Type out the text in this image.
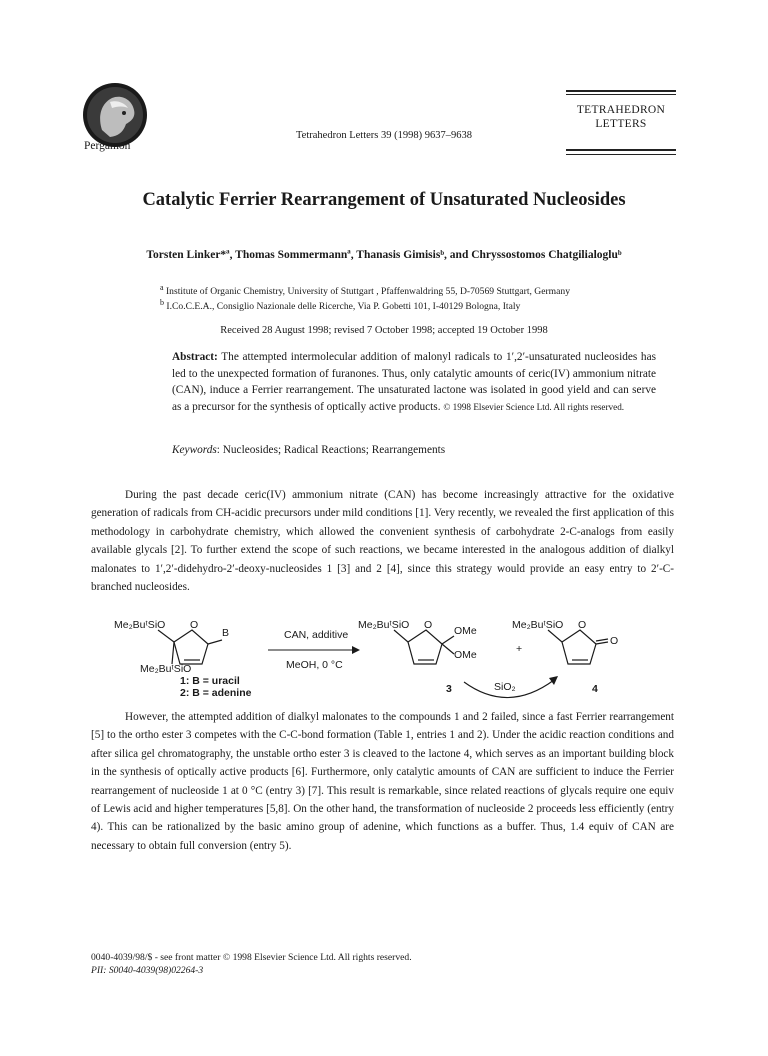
Pergamon
Tetrahedron Letters 39 (1998) 9637–9638
TETRAHEDRON
LETTERS
Catalytic Ferrier Rearrangement of Unsaturated Nucleosides
Torsten Linker*ª, Thomas Sommermannª, Thanasis Gimisisᵇ, and Chryssostomos Chatgilialogluᵇ
$^a$ Institute of Organic Chemistry, University of Stuttgart , Pfaffenwaldring 55, D-70569 Stuttgart, Germany
$^b$ I.Co.C.E.A., Consiglio Nazionale delle Ricerche, Via P. Gobetti 101, I-40129 Bologna, Italy
Received 28 August 1998; revised 7 October 1998; accepted 19 October 1998
Abstract: The attempted intermolecular addition of malonyl radicals to 1′,2′-unsaturated nucleosides has led to the unexpected formation of furanones. Thus, only catalytic amounts of ceric(IV) ammonium nitrate (CAN), induce a Ferrier rearrangement. The unsaturated lactone was isolated in good yield and can serve as a precursor for the synthesis of optically active products. © 1998 Elsevier Science Ltd. All rights reserved.
Keywords: Nucleosides; Radical Reactions; Rearrangements

During the past decade ceric(IV) ammonium nitrate (CAN) has become increasingly attractive for the oxidative generation of radicals from CH-acidic precursors under mild conditions [1]. Very recently, we revealed the first application of this methodology in carbohydrate chemistry, which allowed the convenient synthesis of carbohydrate 2-C-analogs from easily available glycals [2]. To further extend the scope of such reactions, we became interested in the analogous addition of dialkyl malonates to 1′,2′-didehydro-2′-deoxy-nucleosides 1 [3] and 2 [4], since this strategy would provide an easy entry to 2′-C-branched nucleosides.

Me₂BuᵗSiO O
B
Me₂BuᵗSiO
1: B = uracil
2: B = adenine
CAN, additive
MeOH, 0 °C
Me₂BuᵗSiO O OMe
OMe
3
+
Me₂BuᵗSiO O
O
4
SiO₂

However, the attempted addition of dialkyl malonates to the compounds 1 and 2 failed, since a fast Ferrier rearrangement [5] to the ortho ester 3 competes with the C-C-bond formation (Table 1, entries 1 and 2). Under the acidic reaction conditions and after silica gel chromatography, the unstable ortho ester 3 is cleaved to the lactone 4, which serves as an important building block in the synthesis of optically active products [6]. Furthermore, only catalytic amounts of CAN are sufficient to induce the Ferrier rearrangement of nucleoside 1 at 0 °C (entry 3) [7]. This result is remarkable, since related reactions of glycals require one equiv of Lewis acid and higher temperatures [5,8]. On the other hand, the transformation of nucleoside 2 proceeds less efficiently (entry 4). This can be rationalized by the basic amino group of adenine, which functions as a buffer. Thus, 1.4 equiv of CAN are necessary to obtain full conversion (entry 5).

0040-4039/98/$ - see front matter © 1998 Elsevier Science Ltd. All rights reserved.
PII: S0040-4039(98)02264-3
